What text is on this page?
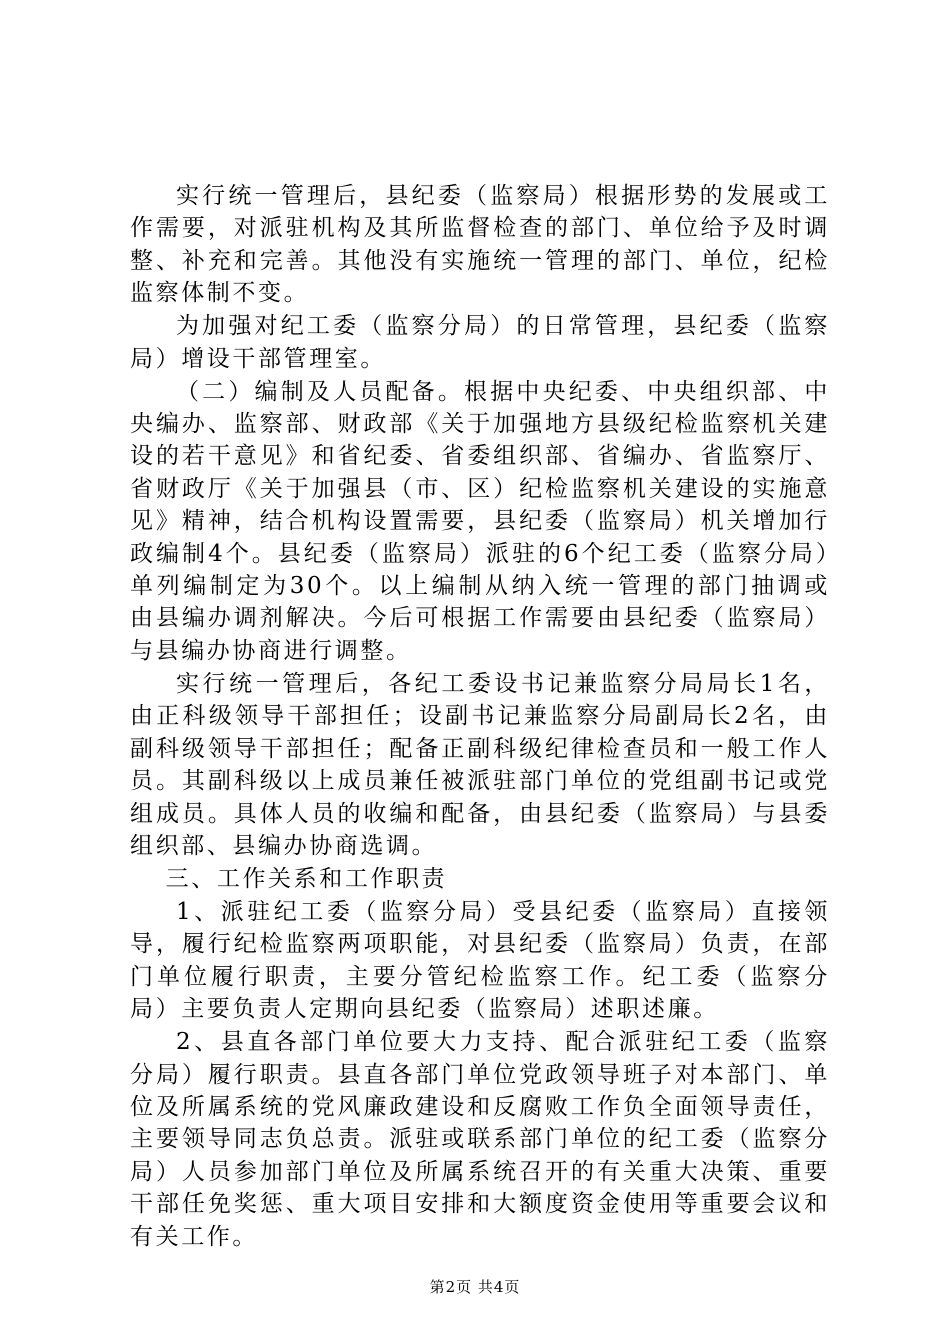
实行统一管理后，县纪委（监察局）根据形势的发展或工作需要，对派驻机构及其所监督检查的部门、单位给予及时调整、补充和完善。其他没有实施统一管理的部门、单位，纪检监察体制不变。

为加强对纪工委（监察分局）的日常管理，县纪委（监察局）增设干部管理室。

（二）编制及人员配备。根据中央纪委、中央组织部、中央编办、监察部、财政部《关于加强地方县级纪检监察机关建设的若干意见》和省纪委、省委组织部、省编办、省监察厅、省财政厅《关于加强县（市、区）纪检监察机关建设的实施意见》精神，结合机构设置需要，县纪委（监察局）机关增加行政编制4个。县纪委（监察局）派驻的6个纪工委（监察分局）单列编制定为30个。以上编制从纳入统一管理的部门抽调或由县编办调剂解决。今后可根据工作需要由县纪委（监察局）与县编办协商进行调整。

实行统一管理后，各纪工委设书记兼监察分局局长1名，由正科级领导干部担任；设副书记兼监察分局副局长2名，由副科级领导干部担任；配备正副科级纪律检查员和一般工作人员。其副科级以上成员兼任被派驻部门单位的党组副书记或党组成员。具体人员的收编和配备，由县纪委（监察局）与县委组织部、县编办协商选调。

三、工作关系和工作职责

1、派驻纪工委（监察分局）受县纪委（监察局）直接领导，履行纪检监察两项职能，对县纪委（监察局）负责，在部门单位履行职责，主要分管纪检监察工作。纪工委（监察分局）主要负责人定期向县纪委（监察局）述职述廉。

2、县直各部门单位要大力支持、配合派驻纪工委（监察分局）履行职责。县直各部门单位党政领导班子对本部门、单位及所属系统的党风廉政建设和反腐败工作负全面领导责任，主要领导同志负总责。派驻或联系部门单位的纪工委（监察分局）人员参加部门单位及所属系统召开的有关重大决策、重要干部任免奖惩、重大项目安排和大额度资金使用等重要会议和有关工作。

第2页 共4页
